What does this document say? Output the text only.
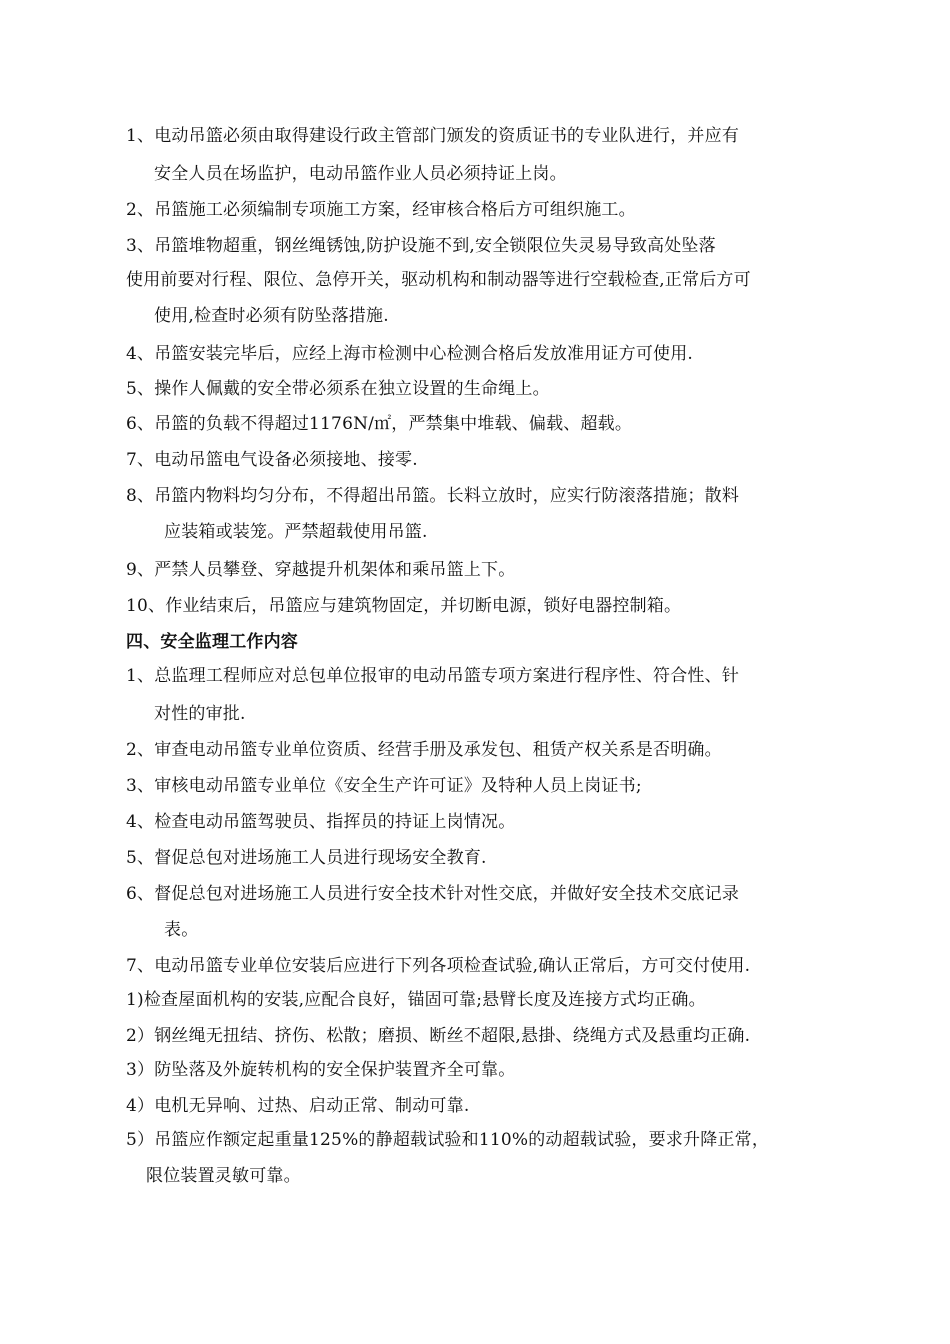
1、电动吊篮必须由取得建设行政主管部门颁发的资质证书的专业队进行，并应有
安全人员在场监护，电动吊篮作业人员必须持证上岗。
2、吊篮施工必须编制专项施工方案，经审核合格后方可组织施工。
3、吊篮堆物超重，钢丝绳锈蚀,防护设施不到,安全锁限位失灵易导致高处坠落
使用前要对行程、限位、急停开关，驱动机构和制动器等进行空载检查,正常后方可
使用,检查时必须有防坠落措施.
4、吊篮安装完毕后，应经上海市检测中心检测合格后发放准用证方可使用.
5、操作人佩戴的安全带必须系在独立设置的生命绳上。
6、吊篮的负载不得超过1176N/㎡，严禁集中堆载、偏载、超载。
7、电动吊篮电气设备必须接地、接零.
8、吊篮内物料均匀分布，不得超出吊篮。长料立放时，应实行防滚落措施；散料
应装箱或装笼。严禁超载使用吊篮.
9、严禁人员攀登、穿越提升机架体和乘吊篮上下。
10、作业结束后，吊篮应与建筑物固定，并切断电源，锁好电器控制箱。
四、安全监理工作内容
1、总监理工程师应对总包单位报审的电动吊篮专项方案进行程序性、符合性、针
对性的审批.
2、审查电动吊篮专业单位资质、经营手册及承发包、租赁产权关系是否明确。
3、审核电动吊篮专业单位《安全生产许可证》及特种人员上岗证书;
4、检查电动吊篮驾驶员、指挥员的持证上岗情况。
5、督促总包对进场施工人员进行现场安全教育.
6、督促总包对进场施工人员进行安全技术针对性交底，并做好安全技术交底记录
表。
7、电动吊篮专业单位安装后应进行下列各项检查试验,确认正常后，方可交付使用.
1)检查屋面机构的安装,应配合良好，锚固可靠;悬臂长度及连接方式均正确。
2）钢丝绳无扭结、挤伤、松散；磨损、断丝不超限,悬掛、绕绳方式及悬重均正确.
3）防坠落及外旋转机构的安全保护装置齐全可靠。
4）电机无异响、过热、启动正常、制动可靠.
5）吊篮应作额定起重量125%的静超载试验和110%的动超载试验，要求升降正常，
限位装置灵敏可靠。
